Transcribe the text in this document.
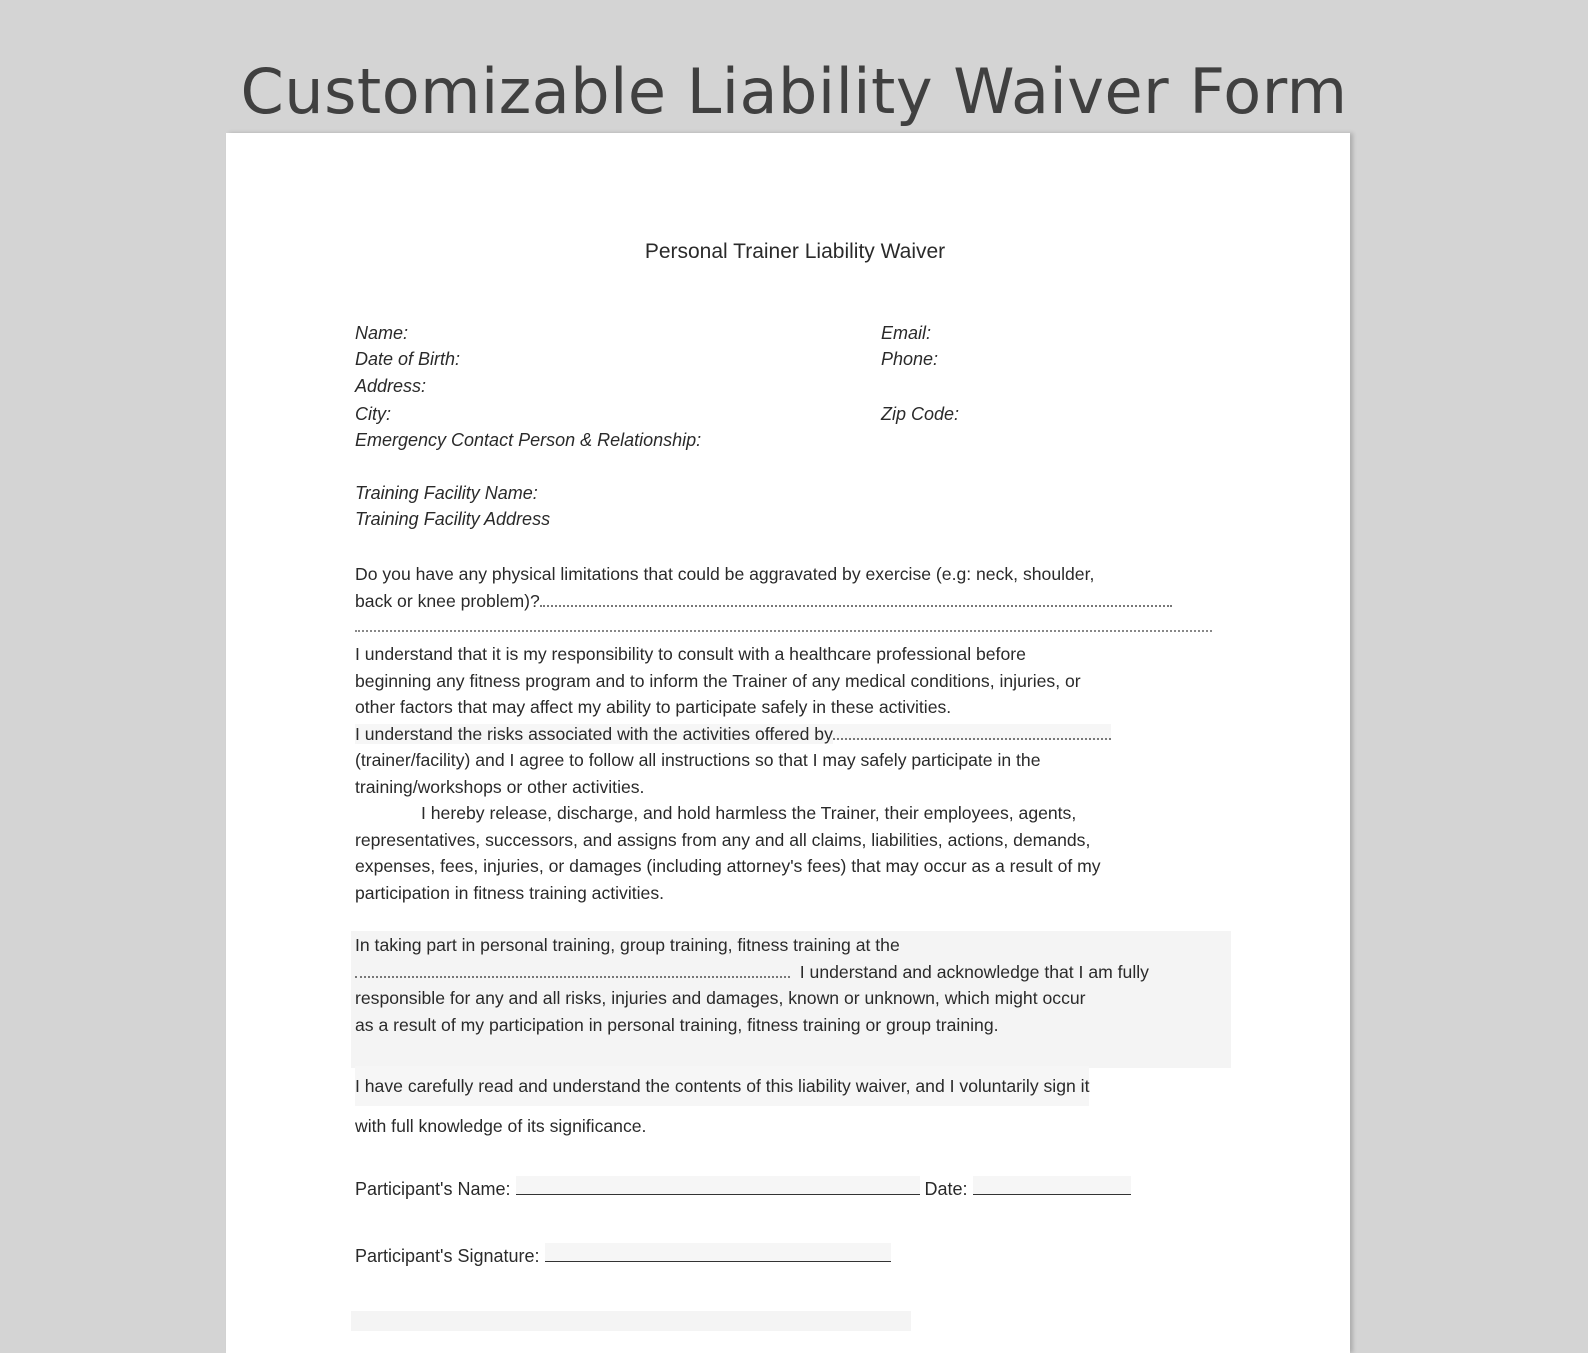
Customizable Liability Waiver Form
Personal Trainer Liability Waiver
Name:	Email:
Date of Birth:	Phone:
Address:
City:	Zip Code:
Emergency Contact Person & Relationship:
Training Facility Name:
Training Facility Address
Do you have any physical limitations that could be aggravated by exercise (e.g: neck, shoulder,
back or knee problem)?
I understand that it is my responsibility to consult with a healthcare professional before
beginning any fitness program and to inform the Trainer of any medical conditions, injuries, or
other factors that may affect my ability to participate safely in these activities.
I understand the risks associated with the activities offered by
(trainer/facility) and I agree to follow all instructions so that I may safely participate in the
training/workshops or other activities.
I hereby release, discharge, and hold harmless the Trainer, their employees, agents,
representatives, successors, and assigns from any and all claims, liabilities, actions, demands,
expenses, fees, injuries, or damages (including attorney's fees) that may occur as a result of my
participation in fitness training activities.
In taking part in personal training, group training, fitness training at the
I understand and acknowledge that I am fully
responsible for any and all risks, injuries and damages, known or unknown, which might occur
as a result of my participation in personal training, fitness training or group training.
I have carefully read and understand the contents of this liability waiver, and I voluntarily sign it
with full knowledge of its significance.
Participant's Name:	Date:
Participant's Signature:
